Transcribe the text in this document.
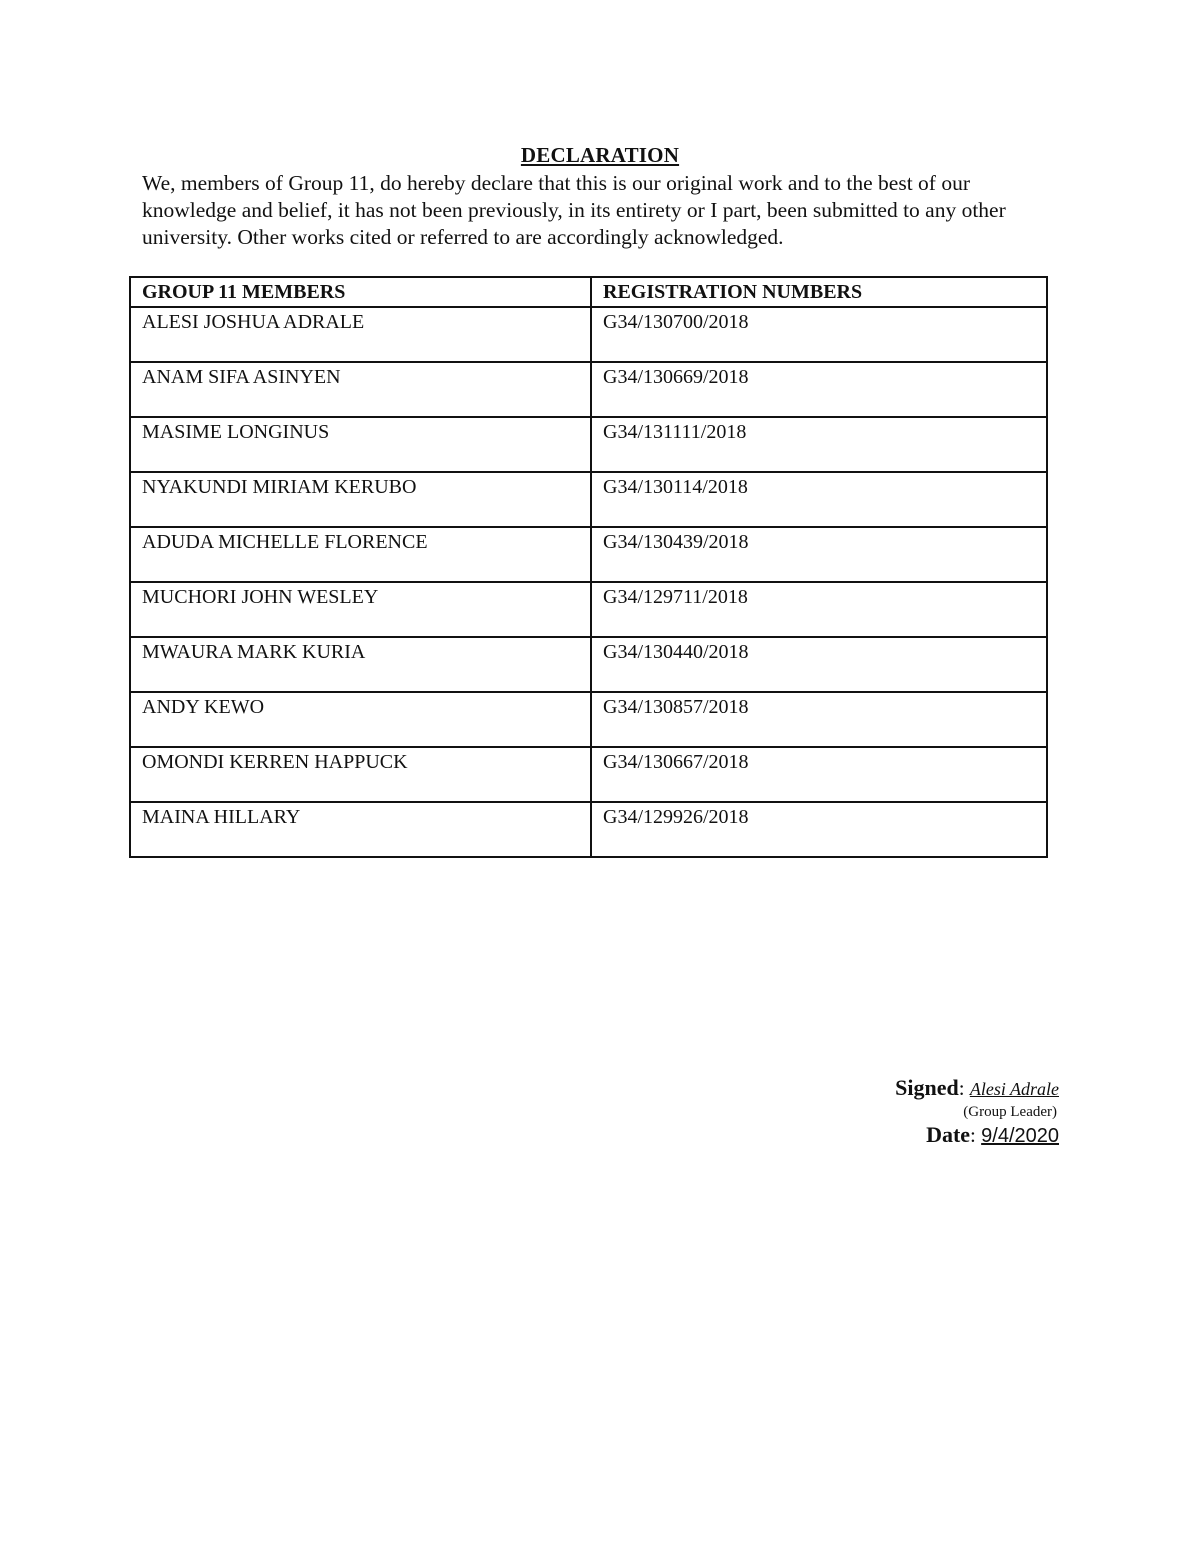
DECLARATION

We, members of Group 11, do hereby declare that this is our original work and to the best of our knowledge and belief, it has not been previously, in its entirety or I part, been submitted to any other university. Other works cited or referred to are accordingly acknowledged.

GROUP 11 MEMBERS	REGISTRATION NUMBERS
ALESI JOSHUA ADRALE	G34/130700/2018
ANAM SIFA ASINYEN	G34/130669/2018
MASIME LONGINUS	G34/131111/2018
NYAKUNDI MIRIAM KERUBO	G34/130114/2018
ADUDA MICHELLE FLORENCE	G34/130439/2018
MUCHORI JOHN WESLEY	G34/129711/2018
MWAURA MARK KURIA	G34/130440/2018
ANDY KEWO	G34/130857/2018
OMONDI KERREN HAPPUCK	G34/130667/2018
MAINA HILLARY	G34/129926/2018
Signed: Alesi Adrale
(Group Leader)
Date: 9/4/2020
